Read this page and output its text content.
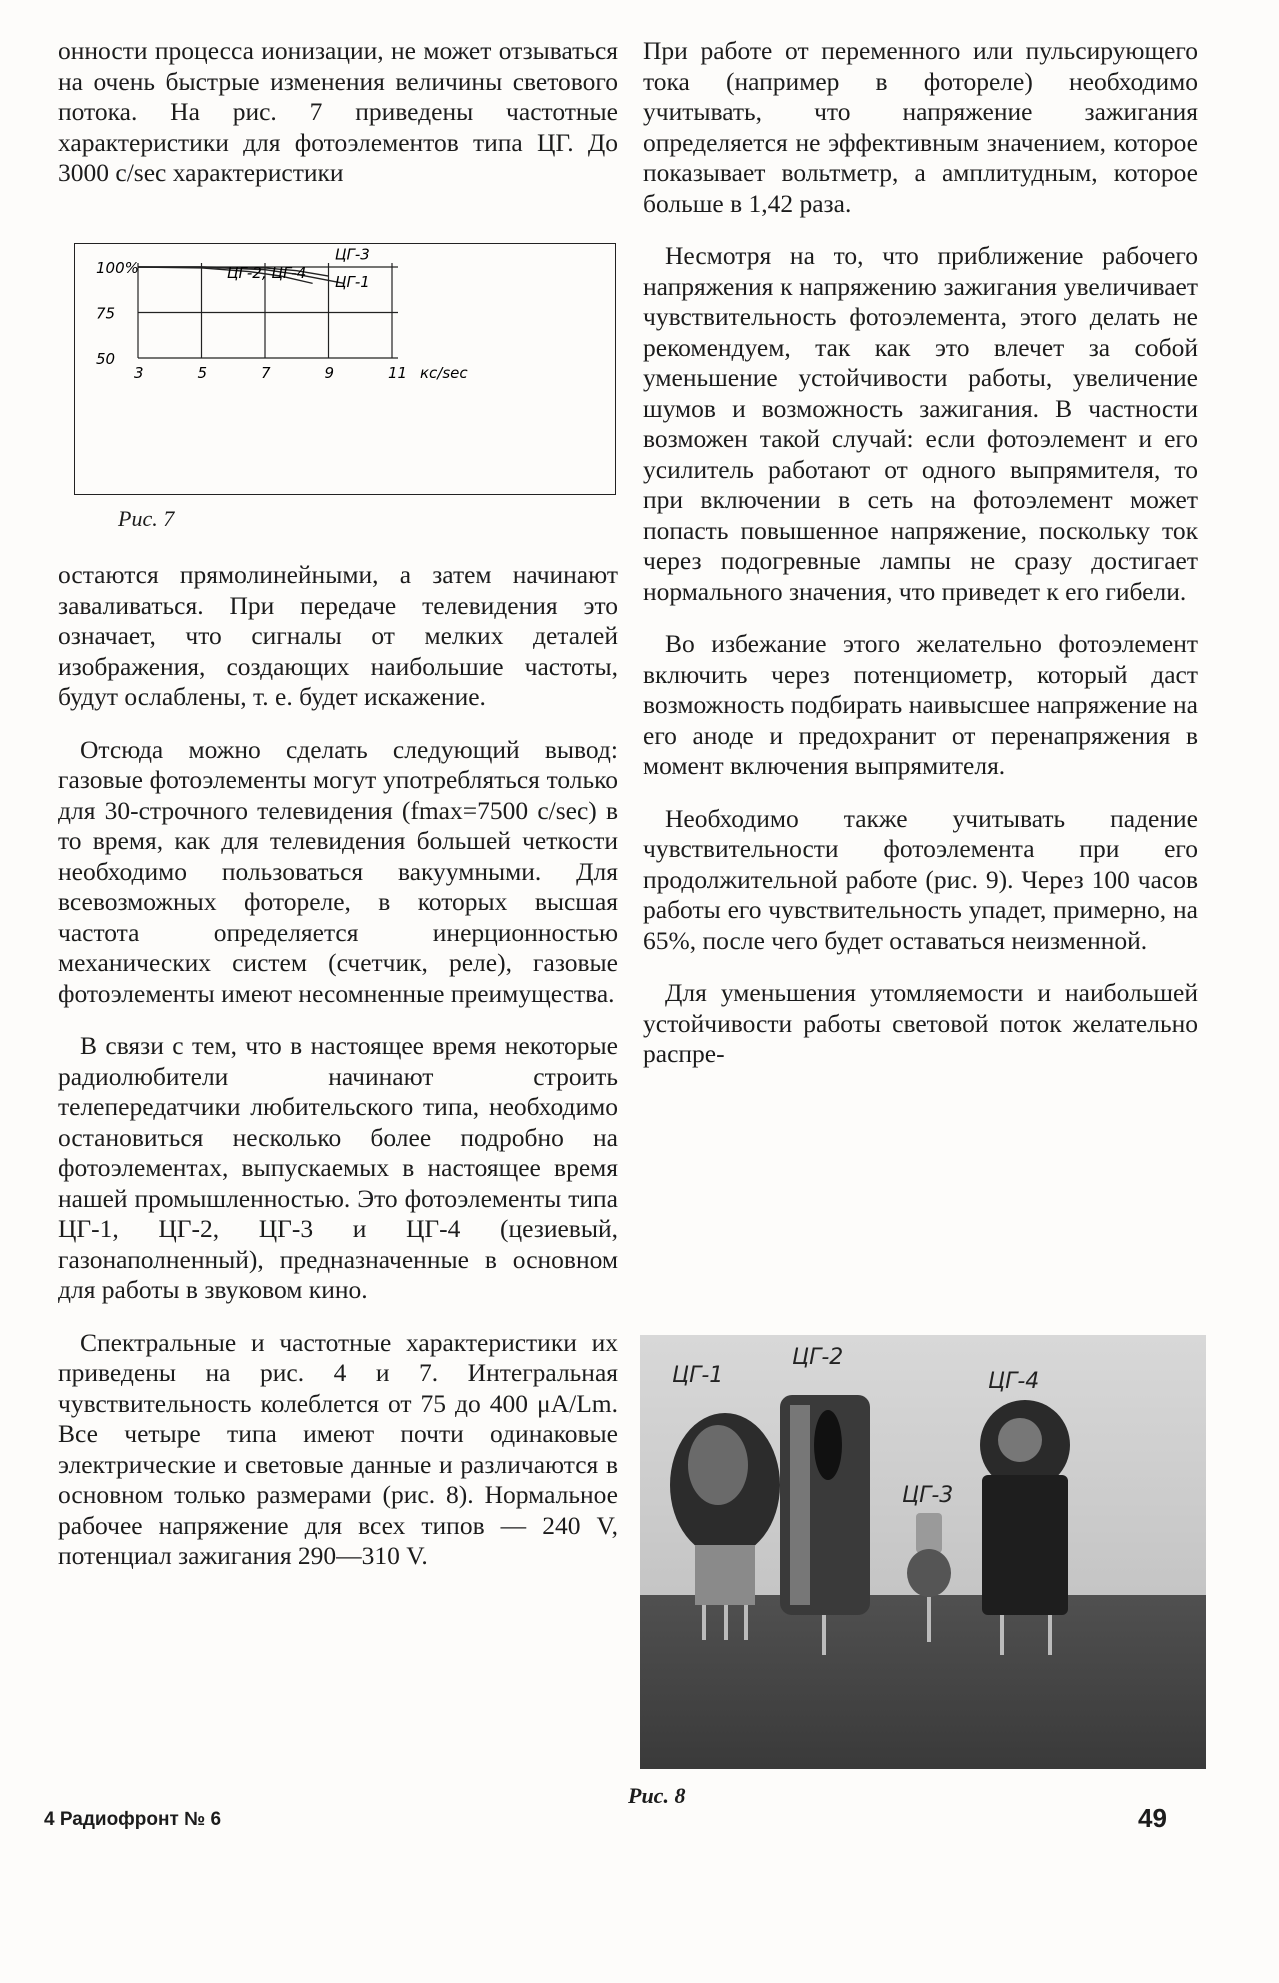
онности процесса ионизации, не может отзываться на очень быстрые изменения величины светового потока. На рис. 7 приведены частотные характеристики для фотоэлементов типа ЦГ. До 3000 c/sec характеристики

100%
75
50
3	5	7	9	11 кс/sec
ЦГ-3
ЦГ-2, ЦГ-4
ЦГ-1
Рис. 7

остаются прямолинейными, а затем начинают заваливаться. При передаче телевидения это означает, что сигналы от мелких деталей изображения, создающих наибольшие частоты, будут ослаблены, т. е. будет искажение.

Отсюда можно сделать следующий вывод: газовые фотоэлементы могут употребляться только для 30-строчного телевидения (fmax=7500 c/sec) в то время, как для телевидения большей четкости необходимо пользоваться вакуумными. Для всевозможных фотореле, в которых высшая частота определяется инерционностью механических систем (счетчик, реле), газовые фотоэлементы имеют несомненные преимущества.

В связи с тем, что в настоящее время некоторые радиолюбители начинают строить телепередатчики любительского типа, необходимо остановиться несколько более подробно на фотоэлементах, выпускаемых в настоящее время нашей промышленностью. Это фотоэлементы типа ЦГ-1, ЦГ-2, ЦГ-3 и ЦГ-4 (цезиевый, газонаполненный), предназначенные в основном для работы в звуковом кино.

Спектральные и частотные характеристики их приведены на рис. 4 и 7. Интегральная чувствительность колеблется от 75 до 400 μA/Lm. Все четыре типа имеют почти одинаковые электрические и световые данные и различаются в основном только размерами (рис. 8). Нормальное рабочее напряжение для всех типов — 240 V, потенциал зажигания 290—310 V.

При работе от переменного или пульсирующего тока (например в фотореле) необходимо учитывать, что напряжение зажигания определяется не эффективным значением, которое показывает вольтметр, а амплитудным, которое больше в 1,42 раза.

Несмотря на то, что приближение рабочего напряжения к напряжению зажигания увеличивает чувствительность фотоэлемента, этого делать не рекомендуем, так как это влечет за собой уменьшение устойчивости работы, увеличение шумов и возможность зажигания. В частности возможен такой случай: если фотоэлемент и его усилитель работают от одного выпрямителя, то при включении в сеть на фотоэлемент может попасть повышенное напряжение, поскольку ток через подогревные лампы не сразу достигает нормального значения, что приведет к его гибели.

Во избежание этого желательно фотоэлемент включить через потенциометр, который даст возможность подбирать наивысшее напряжение на его аноде и предохранит от перенапряжения в момент включения выпрямителя.

Необходимо также учитывать падение чувствительности фотоэлемента при его продолжительной работе (рис. 9). Через 100 часов работы его чувствительность упадет, примерно, на 65%, после чего будет оставаться неизменной.

Для уменьшения утомляемости и наибольшей устойчивости работы световой поток желательно распре-

ЦГ-1
ЦГ-2
ЦГ-3
ЦГ-4
Рис. 8
4 Радиофронт № 6	49
